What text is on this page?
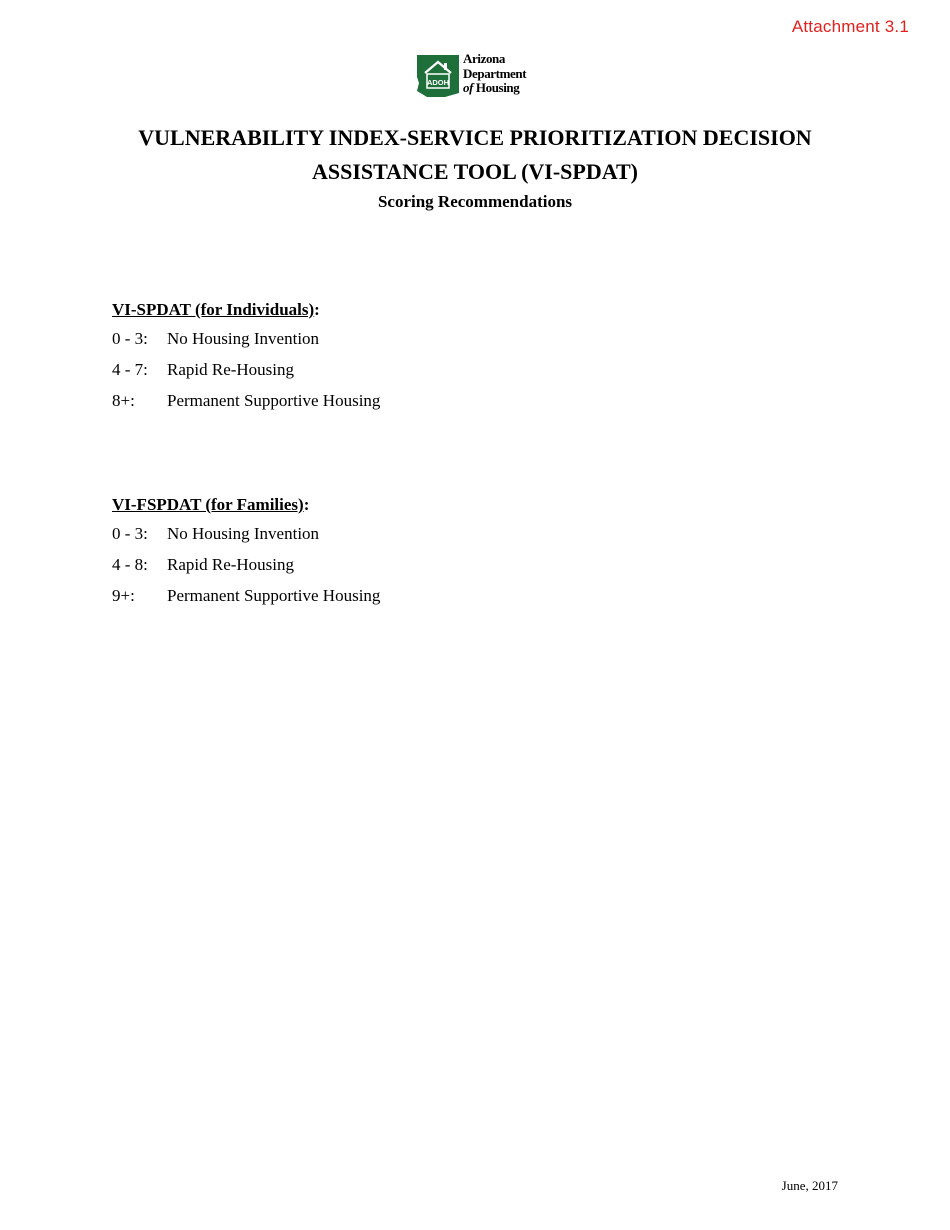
Attachment 3.1
ADOH
Arizona
Department
of Housing
VULNERABILITY INDEX-SERVICE PRIORITIZATION DECISION
ASSISTANCE TOOL (VI-SPDAT)
Scoring Recommendations
VI-SPDAT (for Individuals):
0 - 3:	No Housing Invention
4 - 7:	Rapid Re-Housing
8+:	Permanent Supportive Housing
VI-FSPDAT (for Families):
0 - 3:	No Housing Invention
4 - 8:	Rapid Re-Housing
9+:	Permanent Supportive Housing
June, 2017
